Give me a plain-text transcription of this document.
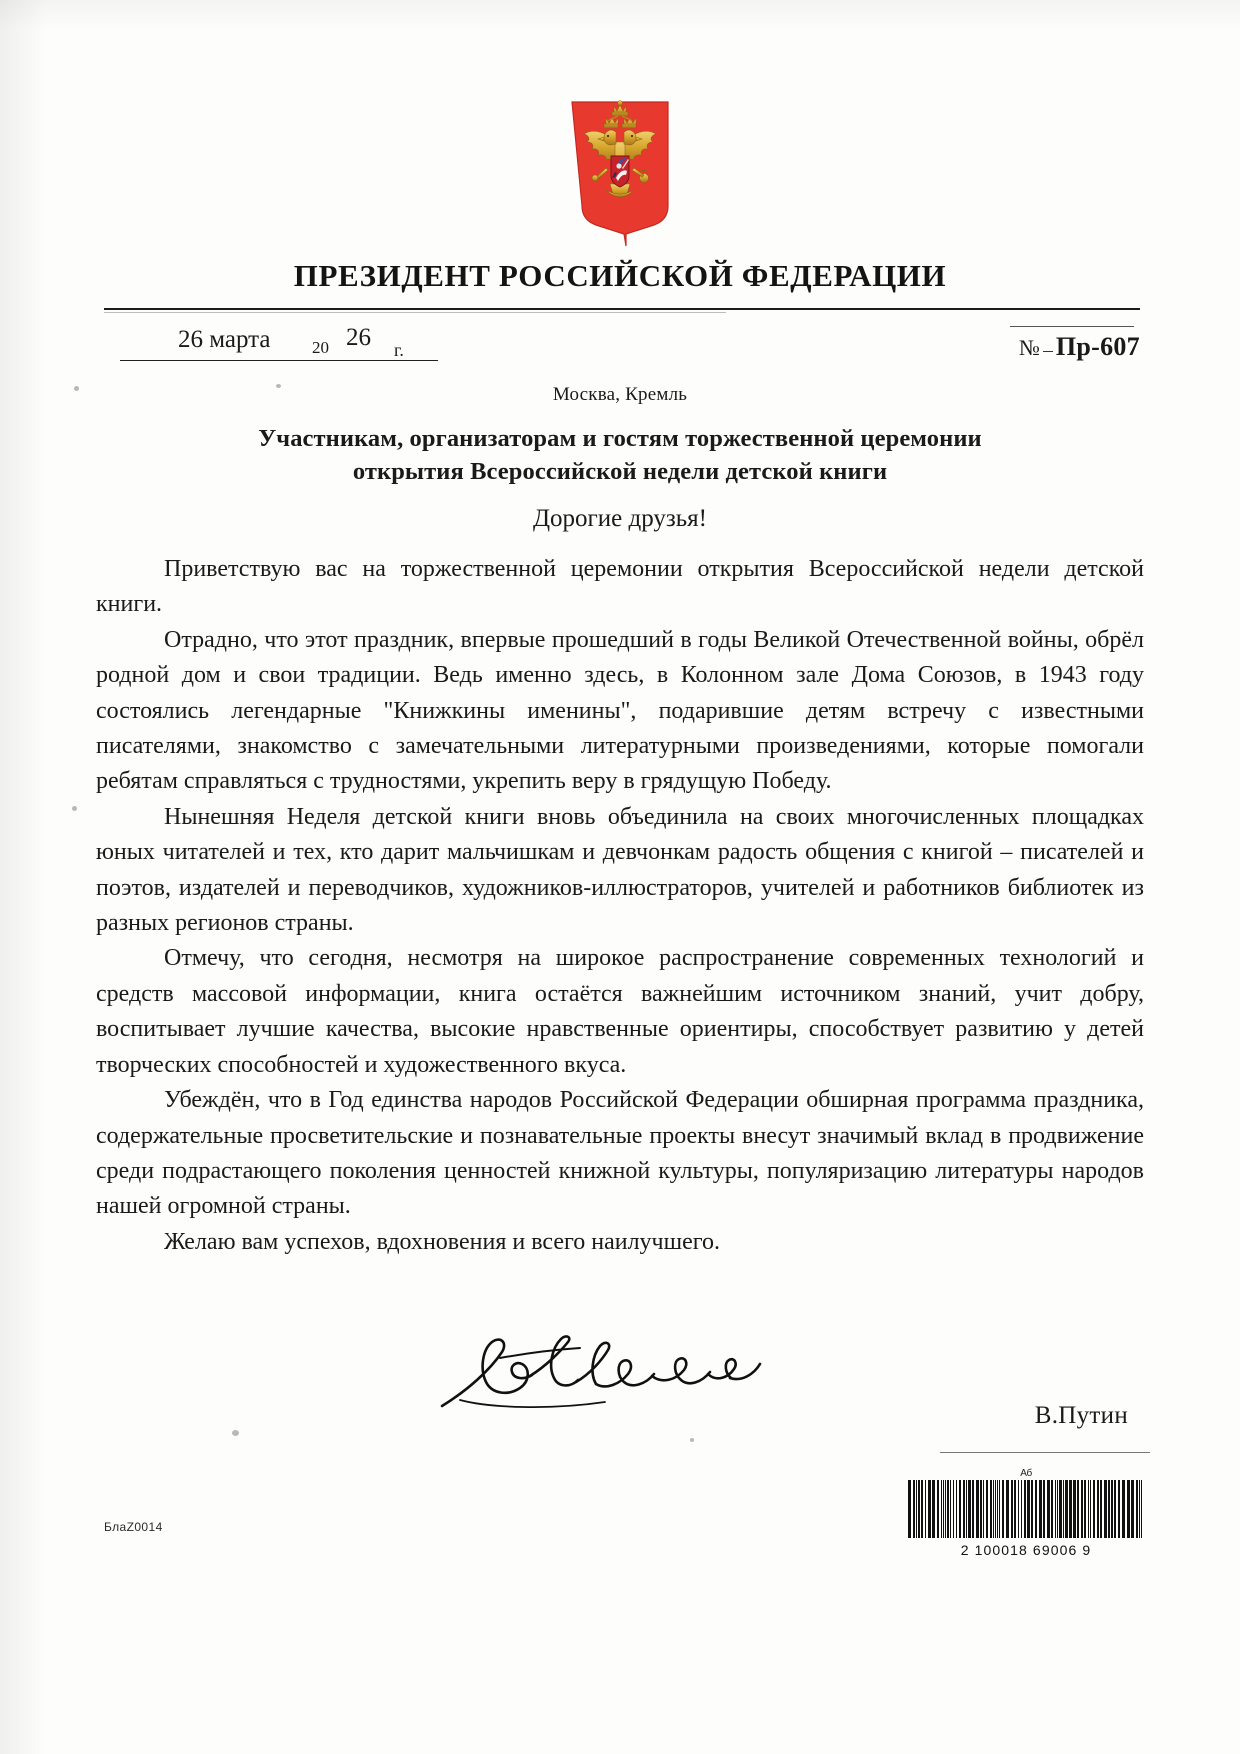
ПРЕЗИДЕНТ РОССИЙСКОЙ ФЕДЕРАЦИИ
26 марта 20 26 г.	№ Пр-607
Москва, Кремль
Участникам, организаторам и гостям торжественной церемонии
открытия Всероссийской недели детской книги
Дорогие друзья!

Приветствую вас на торжественной церемонии открытия Всероссийской недели детской книги.

Отрадно, что этот праздник, впервые прошедший в годы Великой Отечественной войны, обрёл родной дом и свои традиции. Ведь именно здесь, в Колонном зале Дома Союзов, в 1943 году состоялись легендарные "Книжкины именины", подарившие детям встречу с известными писателями, знакомство с замечательными литературными произведениями, которые помогали ребятам справляться с трудностями, укрепить веру в грядущую Победу.

Нынешняя Неделя детской книги вновь объединила на своих многочисленных площадках юных читателей и тех, кто дарит мальчишкам и девчонкам радость общения с книгой – писателей и поэтов, издателей и переводчиков, художников-иллюстраторов, учителей и работников библиотек из разных регионов страны.

Отмечу, что сегодня, несмотря на широкое распространение современных технологий и средств массовой информации, книга остаётся важнейшим источником знаний, учит добру, воспитывает лучшие качества, высокие нравственные ориентиры, способствует развитию у детей творческих способностей и художественного вкуса.

Убеждён, что в Год единства народов Российской Федерации обширная программа праздника, содержательные просветительские и познавательные проекты внесут значимый вклад в продвижение среди подрастающего поколения ценностей книжной культуры, популяризацию литературы народов нашей огромной страны.

Желаю вам успехов, вдохновения и всего наилучшего.

В.Путин
БлаZ0014
Аб
2 100018 69006 9
